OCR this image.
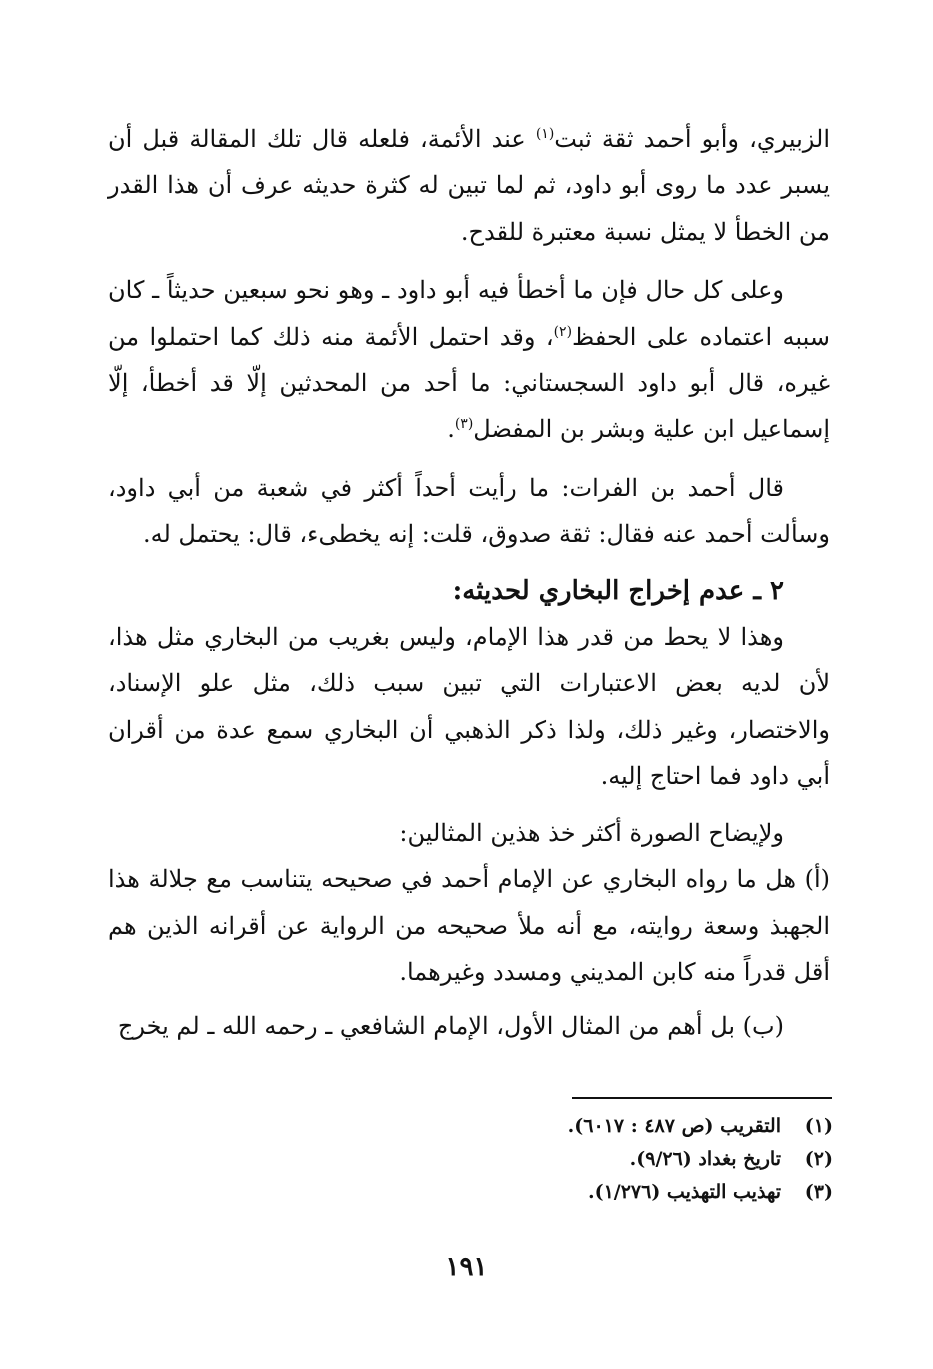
الزبيري، وأبو أحمد ثقة ثبت$^{(١)}$ عند الأئمة، فلعله قال تلك المقالة قبل أن يسبر عدد ما روى أبو داود، ثم لما تبين له كثرة حديثه عرف أن هذا القدر من الخطأ لا يمثل نسبة معتبرة للقدح.

وعلى كل حال فإن ما أخطأ فيه أبو داود ـ وهو نحو سبعين حديثاً ـ كان سببه اعتماده على الحفظ$^{(٢)}$، وقد احتمل الأئمة منه ذلك كما احتملوا من غيره، قال أبو داود السجستاني: ما أحد من المحدثين إلّا قد أخطأ، إلّا إسماعيل ابن علية وبشر بن المفضل$^{(٣)}$.

قال أحمد بن الفرات: ما رأيت أحداً أكثر في شعبة من أبي داود، وسألت أحمد عنه فقال: ثقة صدوق، قلت: إنه يخطىء، قال: يحتمل له.

٢ ـ عدم إخراج البخاري لحديثه:

وهذا لا يحط من قدر هذا الإمام، وليس بغريب من البخاري مثل هذا، لأن لديه بعض الاعتبارات التي تبين سبب ذلك، مثل علو الإسناد، والاختصار، وغير ذلك، ولذا ذكر الذهبي أن البخاري سمع عدة من أقران أبي داود فما احتاج إليه.

ولإيضاح الصورة أكثر خذ هذين المثالين:

(أ) هل ما رواه البخاري عن الإمام أحمد في صحيحه يتناسب مع جلالة هذا الجهبذ وسعة روايته، مع أنه ملأ صحيحه من الرواية عن أقرانه الذين هم أقل قدراً منه كابن المديني ومسدد وغيرهما.

(ب) بل أهم من المثال الأول، الإمام الشافعي ـ رحمه الله ـ لم يخرج

(١)التقريب (ص ٤٨٧ : ٦٠١٧).
(٢)تاريخ بغداد (٩/٢٦).
(٣)تهذيب التهذيب (١/٢٧٦).
١٩١
